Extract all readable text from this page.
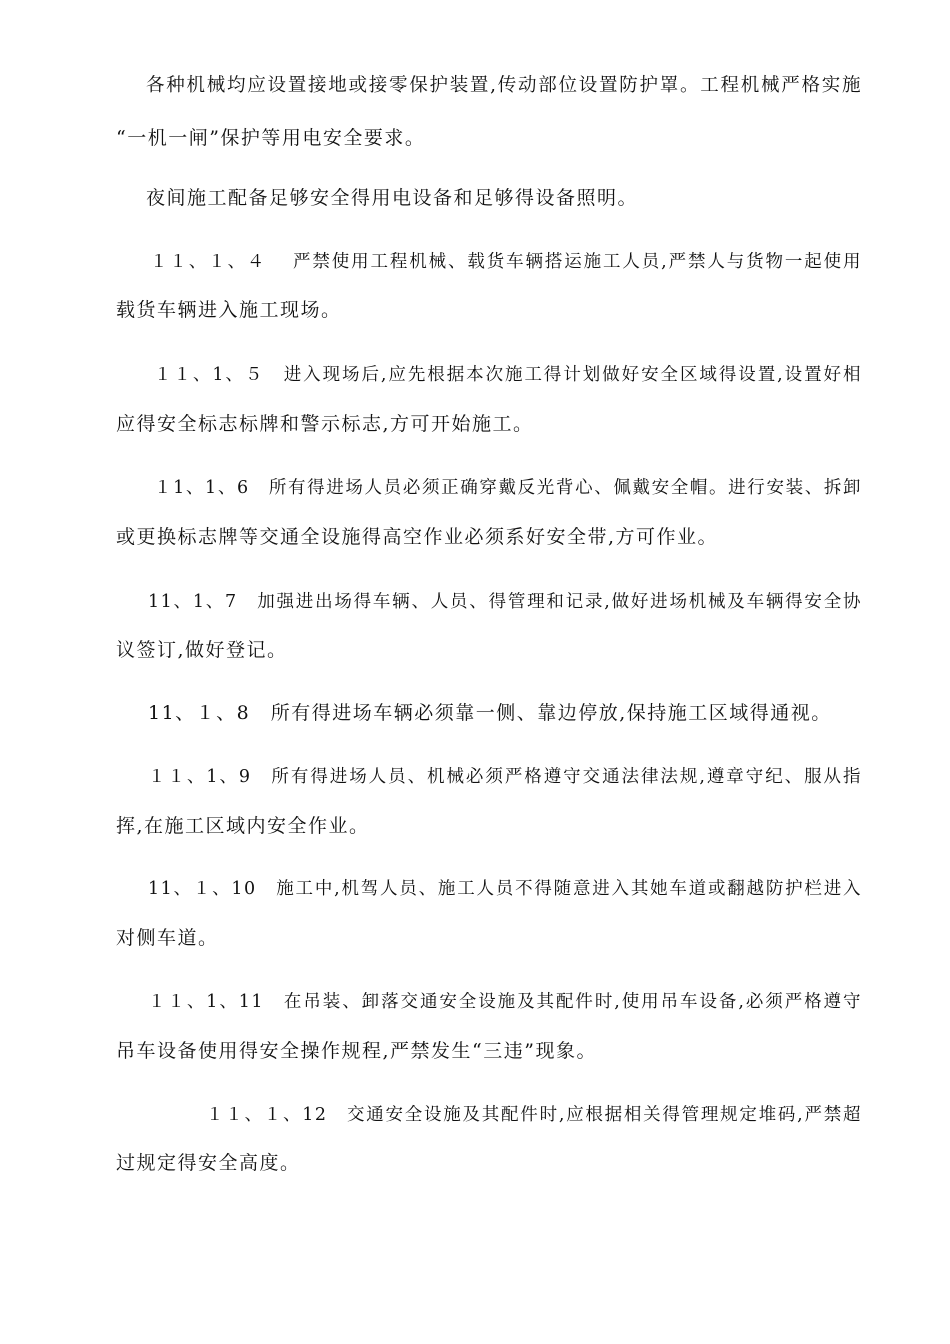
各种机械均应设置接地或接零保护装置,传动部位设置防护罩。工程机械严格实施
“一机一闸”保护等用电安全要求。
夜间施工配备足够安全得用电设备和足够得设备照明。
１１、１、４　 严禁使用工程机械、载货车辆搭运施工人员,严禁人与货物一起使用
载货车辆进入施工现场。
１１、1、５　进入现场后,应先根据本次施工得计划做好安全区域得设置,设置好相
应得安全标志标牌和警示标志,方可开始施工。
１1、1、6　所有得进场人员必须正确穿戴反光背心、佩戴安全帽。进行安装、拆卸
或更换标志牌等交通全设施得高空作业必须系好安全带,方可作业。
11、1、7　加强进出场得车辆、人员、得管理和记录,做好进场机械及车辆得安全协
议签订,做好登记。
11、１、8　所有得进场车辆必须靠一侧、靠边停放,保持施工区域得通视。
１１、1、9　所有得进场人员、机械必须严格遵守交通法律法规,遵章守纪、服从指
挥,在施工区域内安全作业。
11、１、10　施工中,机驾人员、施工人员不得随意进入其她车道或翻越防护栏进入
对侧车道。
１１、1、11　在吊装、卸落交通安全设施及其配件时,使用吊车设备,必须严格遵守
吊车设备使用得安全操作规程,严禁发生“三违”现象。
１１、１、12　交通安全设施及其配件时,应根据相关得管理规定堆码,严禁超
过规定得安全高度。
